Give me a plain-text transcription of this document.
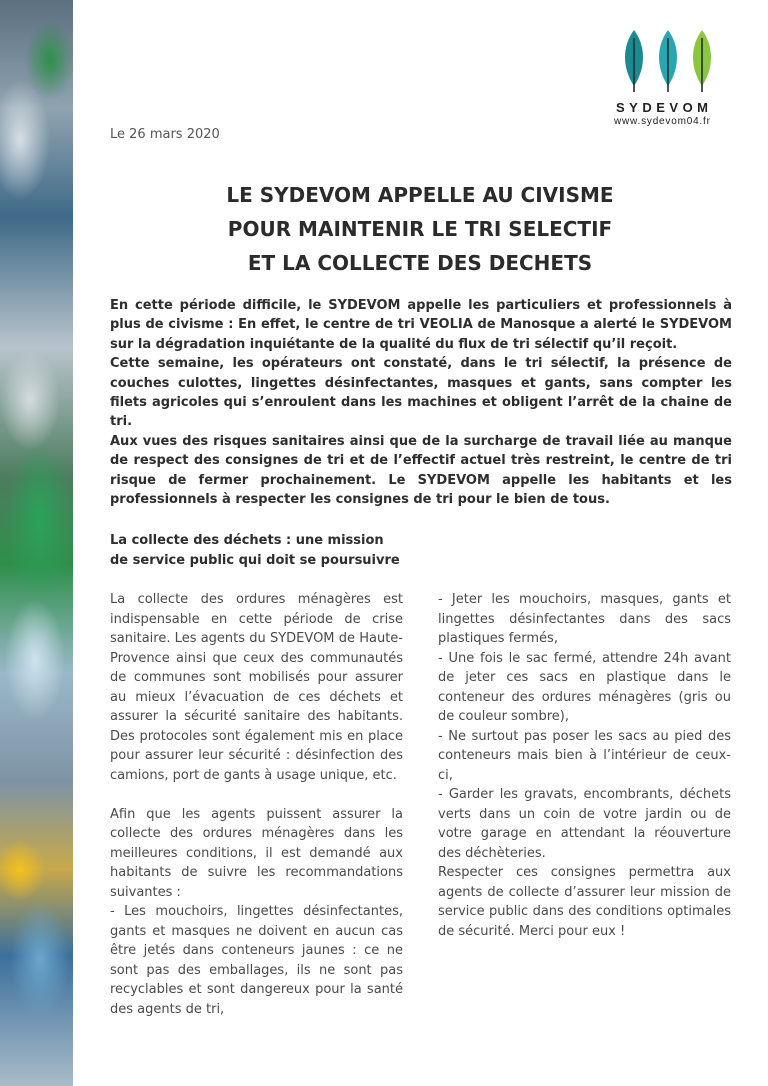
SYDEVOM
www.sydevom04.fr
Le 26 mars 2020
LE SYDEVOM APPELLE AU CIVISME
POUR MAINTENIR LE TRI SELECTIF
ET LA COLLECTE DES DECHETS

En cette période difficile, le SYDEVOM appelle les particuliers et professionnels à plus de civisme : En effet, le centre de tri VEOLIA de Manosque a alerté le SYDEVOM sur la dégradation inquiétante de la qualité du flux de tri sélectif qu’il reçoit.

Cette semaine, les opérateurs ont constaté, dans le tri sélectif, la présence de couches culottes, lingettes désinfectantes, masques et gants, sans compter les filets agricoles qui s’enroulent dans les machines et obligent l’arrêt de la chaine de tri.

Aux vues des risques sanitaires ainsi que de la surcharge de travail liée au manque de respect des consignes de tri et de l’effectif actuel très restreint, le centre de tri risque de fermer prochainement. Le SYDEVOM appelle les habitants et les professionnels à respecter les consignes de tri pour le bien de tous.

La collecte des déchets : une mission de service public qui doit se poursuivre

La collecte des ordures ménagères est indispensable en cette période de crise sanitaire. Les agents du SYDEVOM de Haute-Provence ainsi que ceux des communautés de communes sont mobilisés pour assurer au mieux l’évacuation de ces déchets et assurer la sécurité sanitaire des habitants. Des protocoles sont également mis en place pour assurer leur sécurité : désinfection des camions, port de gants à usage unique, etc.

Afin que les agents puissent assurer la collecte des ordures ménagères dans les meilleures conditions, il est demandé aux habitants de suivre les recommandations suivantes :

- Les mouchoirs, lingettes désinfectantes, gants et masques ne doivent en aucun cas être jetés dans conteneurs jaunes : ce ne sont pas des emballages, ils ne sont pas recyclables et sont dangereux pour la santé des agents de tri,

- Jeter les mouchoirs, masques, gants et lingettes désinfectantes dans des sacs plastiques fermés,

- Une fois le sac fermé, attendre 24h avant de jeter ces sacs en plastique dans le conteneur des ordures ménagères (gris ou de couleur sombre),

- Ne surtout pas poser les sacs au pied des conteneurs mais bien à l’intérieur de ceux-ci,

- Garder les gravats, encombrants, déchets verts dans un coin de votre jardin ou de votre garage en attendant la réouverture des déchèteries.

Respecter ces consignes permettra aux agents de collecte d’assurer leur mission de service public dans des conditions optimales de sécurité. Merci pour eux !
